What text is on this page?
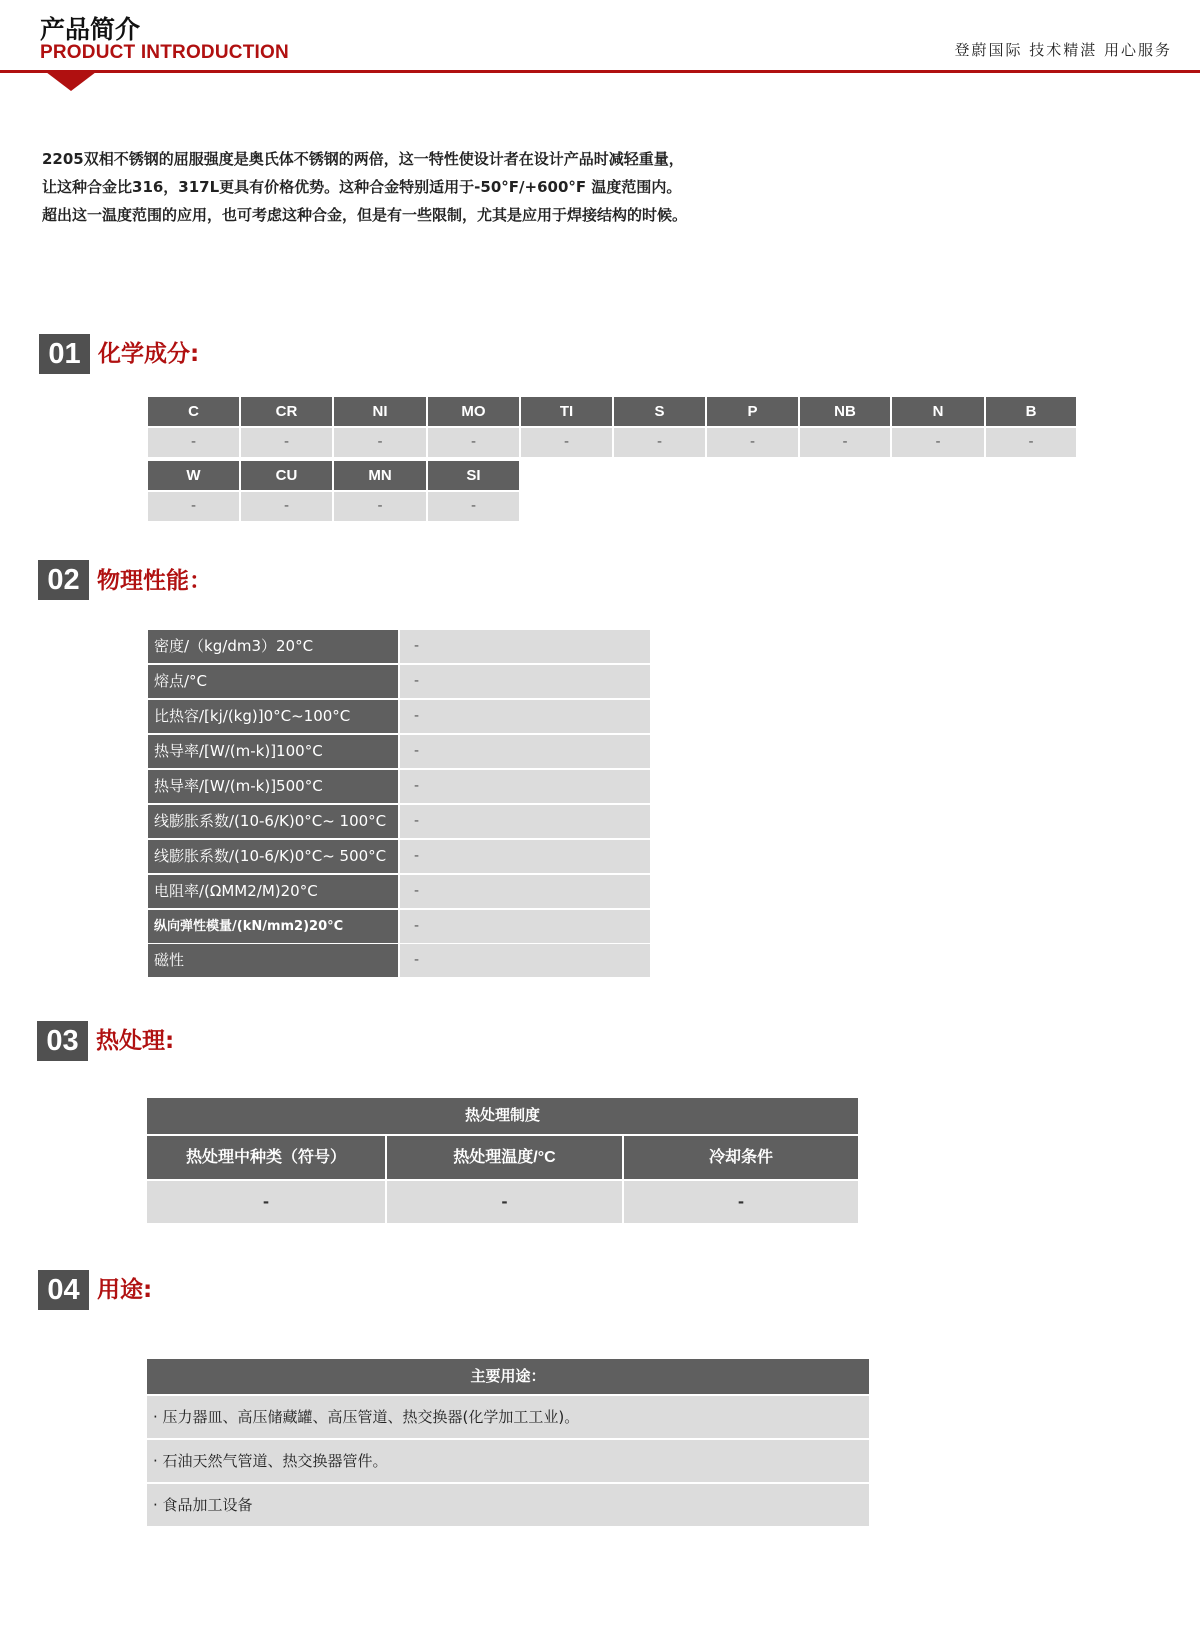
产品简介
PRODUCT INTRODUCTION	登蔚国际 技术精湛 用心服务
2205双相不锈钢的屈服强度是奥氏体不锈钢的两倍，这一特性使设计者在设计产品时减轻重量，
让这种合金比316，317L更具有价格优势。这种合金特别适用于-50°F/+600°F 温度范围内。
超出这一温度范围的应用，也可考虑这种合金，但是有一些限制，尤其是应用于焊接结构的时候。
01 化学成分:
C	CR	NI	MO	TI	S	P	NB	N	B
-	-	-	-	-	-	-	-	-	-
W	CU	MN	SI
-	-	-	-
02 物理性能：
密度/（kg/dm3）20°C	-
熔点/°C	-
比热容/[kj/(kg)]0°C~100°C	-
热导率/[W/(m-k)]100°C	-
热导率/[W/(m-k)]500°C	-
线膨胀系数/(10-6/K)0°C~ 100°C	-
线膨胀系数/(10-6/K)0°C~ 500°C	-
电阻率/(ΩMM2/M)20°C	-
纵向弹性模量/(kN/mm2)20°C	-
磁性	-
03 热处理:
热处理制度
热处理中种类（符号）	热处理温度/°C	冷却条件
-	-	-
04 用途:
主要用途：
· 压力器皿、高压储藏罐、高压管道、热交换器(化学加工工业)。
· 石油天然气管道、热交换器管件。
· 食品加工设备
